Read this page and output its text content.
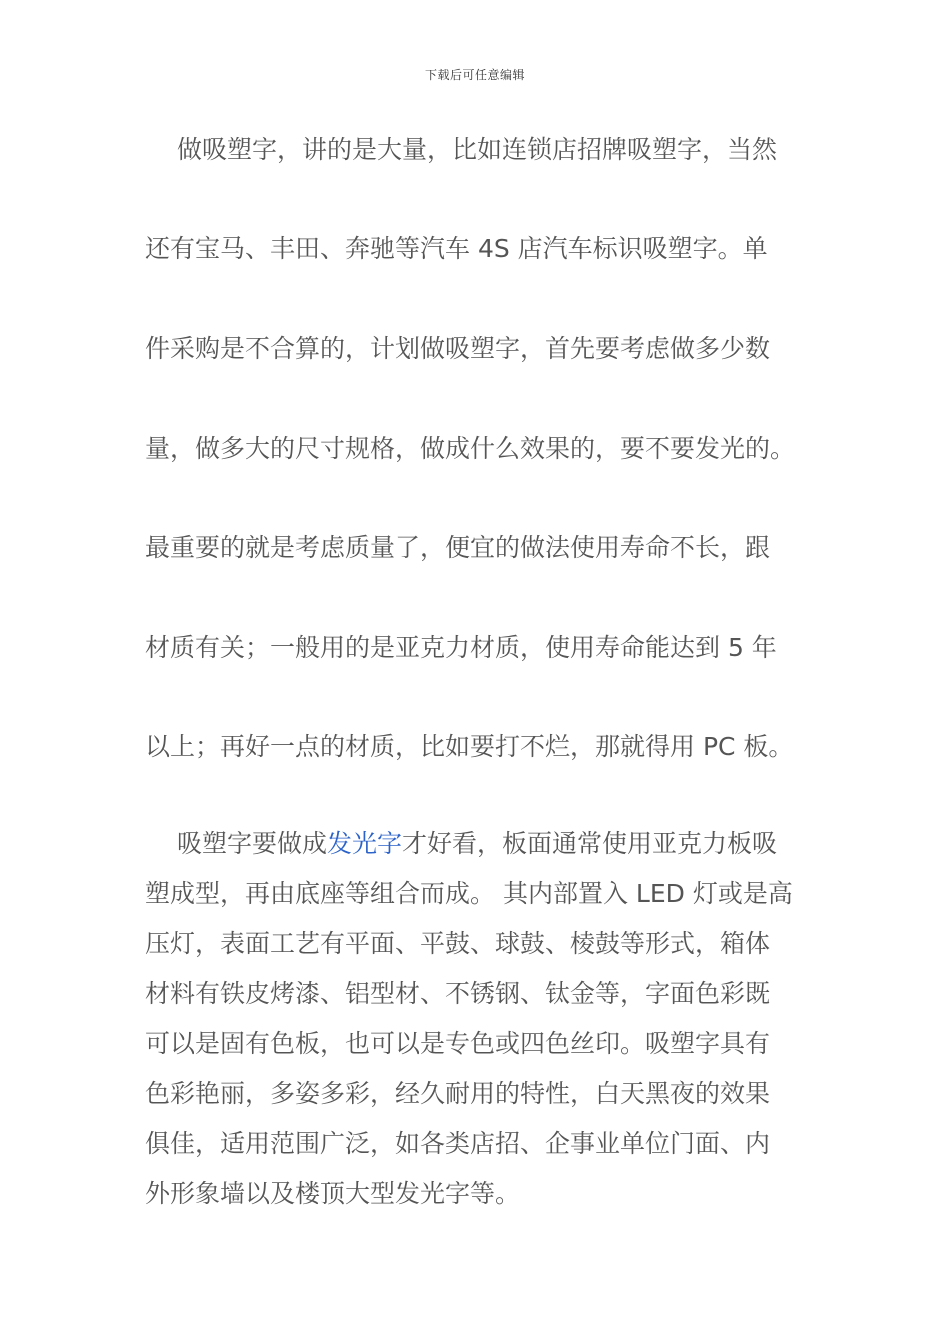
下载后可任意编辑
做吸塑字，讲的是大量，比如连锁店招牌吸塑字，当然
还有宝马、丰田、奔驰等汽车 4S 店汽车标识吸塑字。单
件采购是不合算的，计划做吸塑字，首先要考虑做多少数
量，做多大的尺寸规格，做成什么效果的，要不要发光的。
最重要的就是考虑质量了，便宜的做法使用寿命不长，跟
材质有关；一般用的是亚克力材质，使用寿命能达到 5 年
以上；再好一点的材质，比如要打不烂，那就得用 PC 板。
吸塑字要做成发光字才好看，板面通常使用亚克力板吸
塑成型，再由底座等组合而成。 其内部置入 LED 灯或是高
压灯，表面工艺有平面、平鼓、球鼓、棱鼓等形式，箱体
材料有铁皮烤漆、铝型材、不锈钢、钛金等，字面色彩既
可以是固有色板，也可以是专色或四色丝印。吸塑字具有
色彩艳丽，多姿多彩，经久耐用的特性，白天黑夜的效果
俱佳，适用范围广泛，如各类店招、企事业单位门面、内
外形象墙以及楼顶大型发光字等。
